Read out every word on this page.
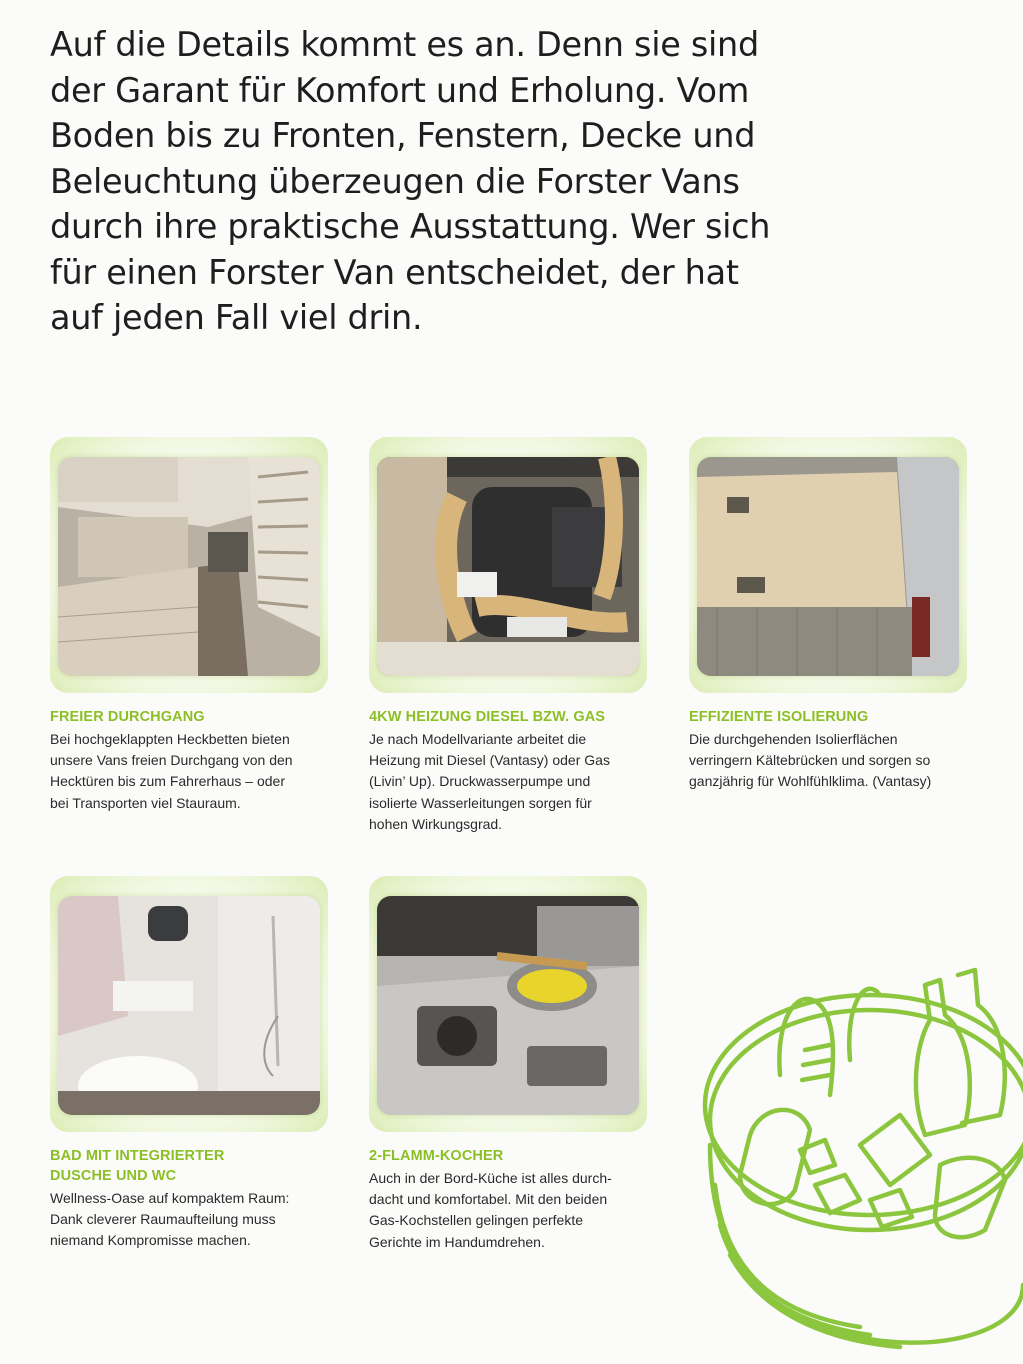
Auf die Details kommt es an. Denn sie sind
der Garant für Komfort und Erholung. Vom
Boden bis zu Fronten, Fenstern, Decke und
Beleuchtung überzeugen die Forster Vans
durch ihre praktische Ausstattung. Wer sich
für einen Forster Van entscheidet, der hat
auf jeden Fall viel drin.

FREIER DURCHGANG
Bei hochgeklappten Heckbetten bieten
unsere Vans freien Durchgang von den
Hecktüren bis zum Fahrerhaus – oder
bei Transporten viel Stauraum.
4KW HEIZUNG DIESEL BZW. GAS
Je nach Modellvariante arbeitet die
Heizung mit Diesel (Vantasy) oder Gas
(Livin’ Up). Druckwasserpumpe und
isolierte Wasserleitungen sorgen für
hohen Wirkungsgrad.
EFFIZIENTE ISOLIERUNG
Die durchgehenden Isolierflächen
verringern Kältebrücken und sorgen so
ganzjährig für Wohlfühlklima. (Vantasy)
BAD MIT INTEGRIERTER
DUSCHE UND WC
Wellness-Oase auf kompaktem Raum:
Dank cleverer Raumaufteilung muss
niemand Kompromisse machen.
2-FLAMM-KOCHER
Auch in der Bord-Küche ist alles durch-
dacht und komfortabel. Mit den beiden
Gas-Kochstellen gelingen perfekte
Gerichte im Handumdrehen.
